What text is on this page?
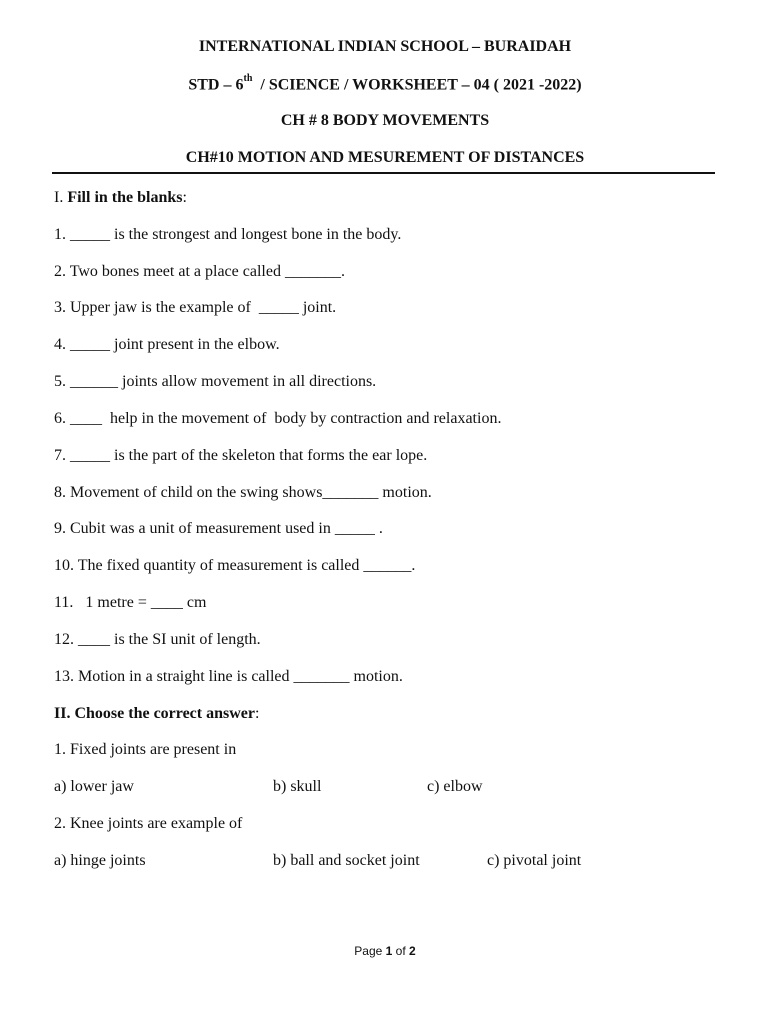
INTERNATIONAL INDIAN SCHOOL – BURAIDAH
STD – 6th  / SCIENCE / WORKSHEET – 04 ( 2021 -2022)
CH # 8 BODY MOVEMENTS
CH#10 MOTION AND MESUREMENT OF DISTANCES
I. Fill in the blanks:
1. _____ is the strongest and longest bone in the body.
2. Two bones meet at a place called _______.
3. Upper jaw is the example of  _____ joint.
4. _____ joint present in the elbow.
5. ______ joints allow movement in all directions.
6. ____  help in the movement of  body by contraction and relaxation.
7. _____ is the part of the skeleton that forms the ear lope.
8. Movement of child on the swing shows_______ motion.
9. Cubit was a unit of measurement used in _____ .
10. The fixed quantity of measurement is called ______.
11.   1 metre = ____ cm
12. ____ is the SI unit of length.
13. Motion in a straight line is called _______ motion.
II. Choose the correct answer:
1. Fixed joints are present in
a) lower jaw	b) skull	c) elbow
2. Knee joints are example of
a) hinge joints	b) ball and socket joint	c) pivotal joint
Page 1 of 2
